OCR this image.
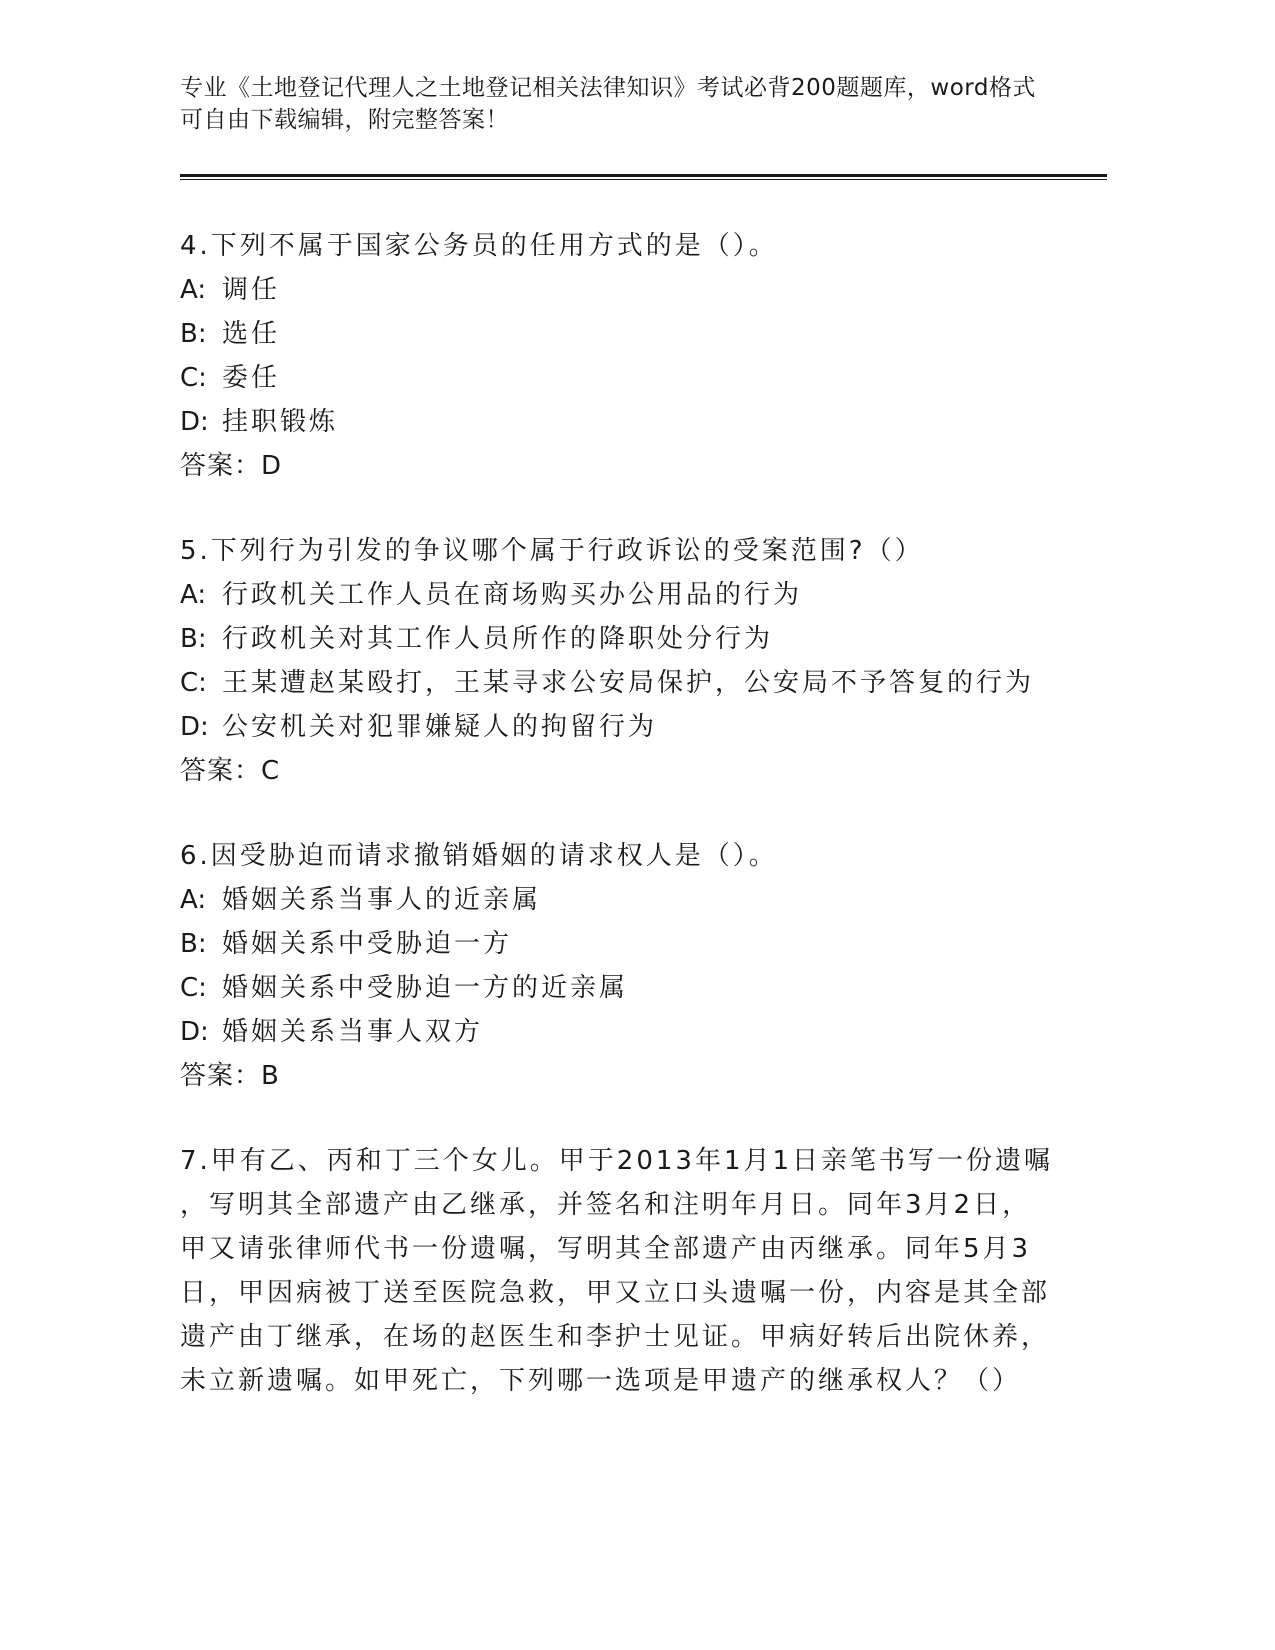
专业《土地登记代理人之土地登记相关法律知识》考试必背200题题库，word格式可自由下载编辑，附完整答案！
4.下列不属于国家公务员的任用方式的是（）。
A: 调任
B: 选任
C: 委任
D: 挂职锻炼
答案：D
5.下列行为引发的争议哪个属于行政诉讼的受案范围?（）
A: 行政机关工作人员在商场购买办公用品的行为
B: 行政机关对其工作人员所作的降职处分行为
C: 王某遭赵某殴打，王某寻求公安局保护，公安局不予答复的行为
D: 公安机关对犯罪嫌疑人的拘留行为
答案：C
6.因受胁迫而请求撤销婚姻的请求权人是（）。
A: 婚姻关系当事人的近亲属
B: 婚姻关系中受胁迫一方
C: 婚姻关系中受胁迫一方的近亲属
D: 婚姻关系当事人双方
答案：B
7.甲有乙、丙和丁三个女儿。甲于2013年1月1日亲笔书写一份遗嘱
，写明其全部遗产由乙继承，并签名和注明年月日。同年3月2日，
甲又请张律师代书一份遗嘱，写明其全部遗产由丙继承。同年5月3
日，甲因病被丁送至医院急救，甲又立口头遗嘱一份，内容是其全部
遗产由丁继承，在场的赵医生和李护士见证。甲病好转后出院休养，
未立新遗嘱。如甲死亡，下列哪一选项是甲遗产的继承权人？（）
